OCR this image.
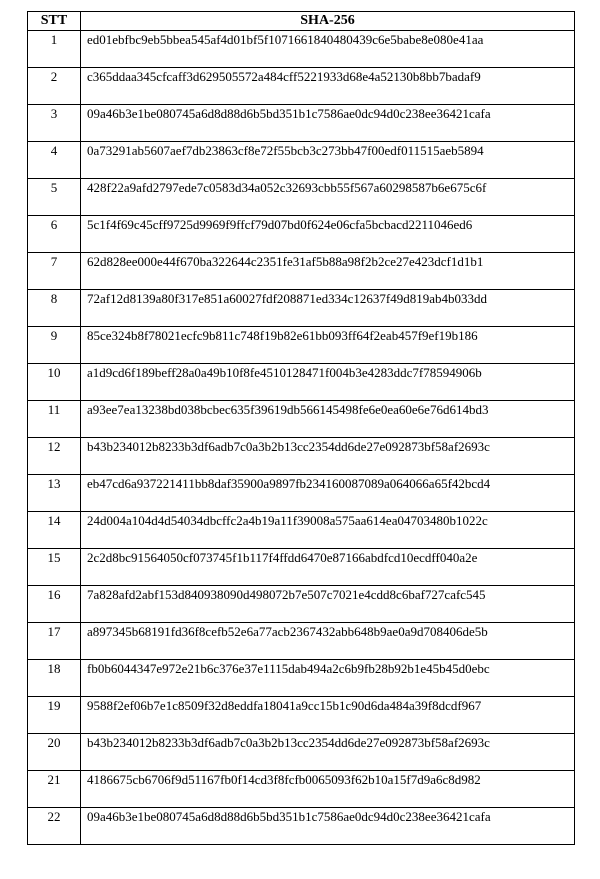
STT	SHA-256
1	ed01ebfbc9eb5bbea545af4d01bf5f1071661840480439c6e5babe8e080e41aa
2	c365ddaa345cfcaff3d629505572a484cff5221933d68e4a52130b8bb7badaf9
3	09a46b3e1be080745a6d8d88d6b5bd351b1c7586ae0dc94d0c238ee36421cafa
4	0a73291ab5607aef7db23863cf8e72f55bcb3c273bb47f00edf011515aeb5894
5	428f22a9afd2797ede7c0583d34a052c32693cbb55f567a60298587b6e675c6f
6	5c1f4f69c45cff9725d9969f9ffcf79d07bd0f624e06cfa5bcbacd2211046ed6
7	62d828ee000e44f670ba322644c2351fe31af5b88a98f2b2ce27e423dcf1d1b1
8	72af12d8139a80f317e851a60027fdf208871ed334c12637f49d819ab4b033dd
9	85ce324b8f78021ecfc9b811c748f19b82e61bb093ff64f2eab457f9ef19b186
10	a1d9cd6f189beff28a0a49b10f8fe4510128471f004b3e4283ddc7f78594906b
11	a93ee7ea13238bd038bcbec635f39619db566145498fe6e0ea60e6e76d614bd3
12	b43b234012b8233b3df6adb7c0a3b2b13cc2354dd6de27e092873bf58af2693c
13	eb47cd6a937221411bb8daf35900a9897fb234160087089a064066a65f42bcd4
14	24d004a104d4d54034dbcffc2a4b19a11f39008a575aa614ea04703480b1022c
15	2c2d8bc91564050cf073745f1b117f4ffdd6470e87166abdfcd10ecdff040a2e
16	7a828afd2abf153d840938090d498072b7e507c7021e4cdd8c6baf727cafc545
17	a897345b68191fd36f8cefb52e6a77acb2367432abb648b9ae0a9d708406de5b
18	fb0b6044347e972e21b6c376e37e1115dab494a2c6b9fb28b92b1e45b45d0ebc
19	9588f2ef06b7e1c8509f32d8eddfa18041a9cc15b1c90d6da484a39f8dcdf967
20	b43b234012b8233b3df6adb7c0a3b2b13cc2354dd6de27e092873bf58af2693c
21	4186675cb6706f9d51167fb0f14cd3f8fcfb0065093f62b10a15f7d9a6c8d982
22	09a46b3e1be080745a6d8d88d6b5bd351b1c7586ae0dc94d0c238ee36421cafa
